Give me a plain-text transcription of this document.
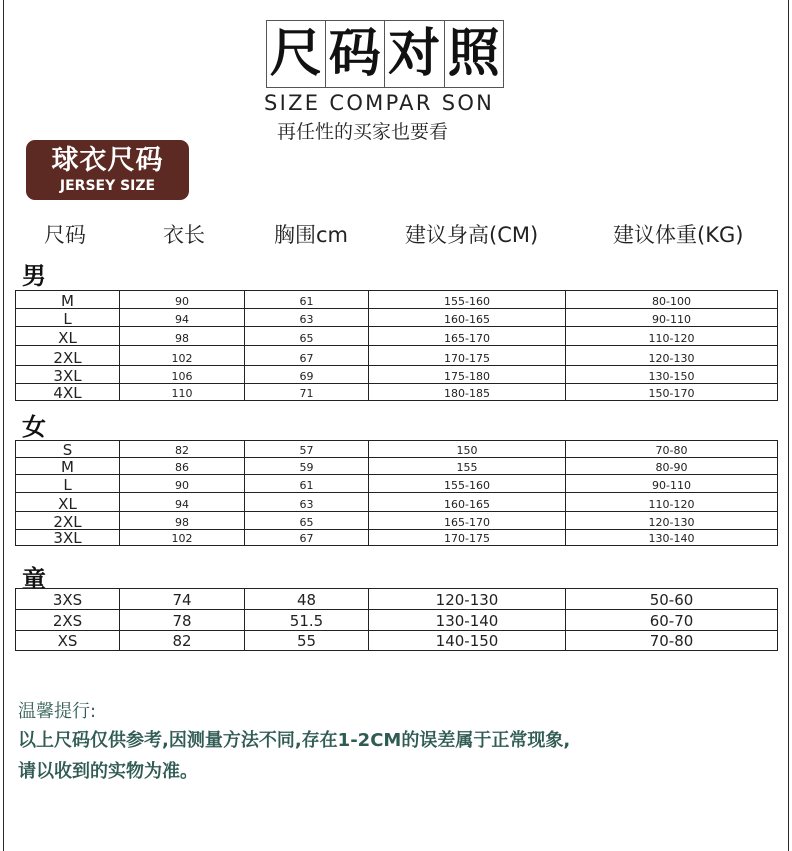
尺 码 对 照
SIZE COMPAR SON
再任性的买家也要看
球衣尺码
JERSEY SIZE
尺码	衣长	胸围cm	建议身高(CM)	建议体重(KG)
男
M	90	61	155-160	80-100
L	94	63	160-165	90-110
XL	98	65	165-170	110-120
2XL	102	67	170-175	120-130
3XL	106	69	175-180	130-150
4XL	110	71	180-185	150-170
女
S	82	57	150	70-80
M	86	59	155	80-90
L	90	61	155-160	90-110
XL	94	63	160-165	110-120
2XL	98	65	165-170	120-130
3XL	102	67	170-175	130-140
童
3XS	74	48	120-130	50-60
2XS	78	51.5	130-140	60-70
XS	82	55	140-150	70-80
温馨提行:
以上尺码仅供参考,因测量方法不同,存在1-2CM的误差属于正常现象,
请以收到的实物为准。
